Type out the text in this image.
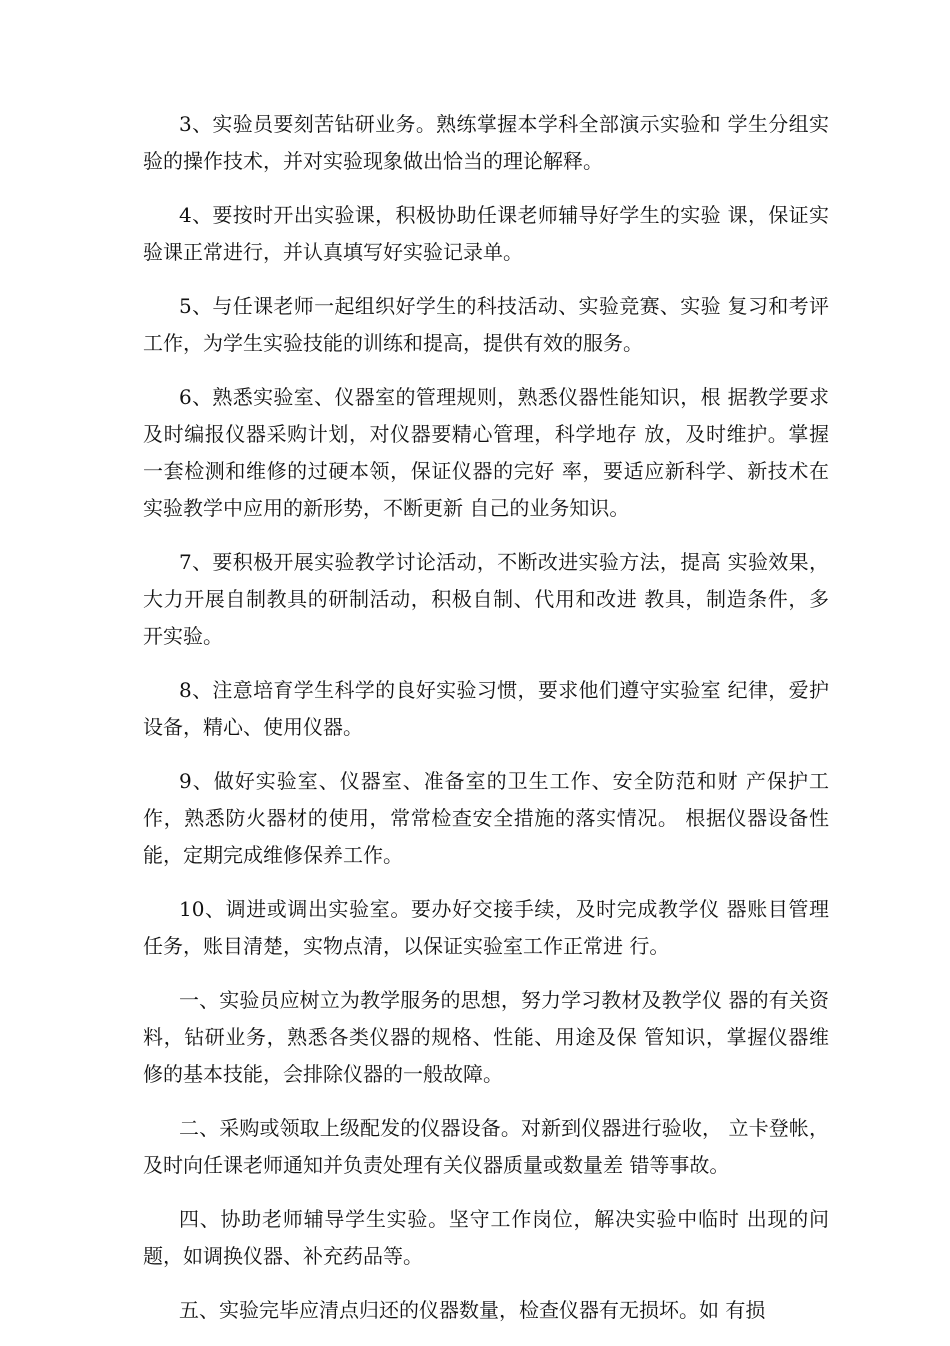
3、实验员要刻苦钻研业务。熟练掌握本学科全部演示实验和 学生分组实验的操作技术，并对实验现象做出恰当的理论解释。

4、要按时开出实验课，积极协助任课老师辅导好学生的实验 课，保证实验课正常进行，并认真填写好实验记录单。

5、与任课老师一起组织好学生的科技活动、实验竞赛、实验 复习和考评工作，为学生实验技能的训练和提高，提供有效的服务。

6、熟悉实验室、仪器室的管理规则，熟悉仪器性能知识，根 据教学要求及时编报仪器采购计划，对仪器要精心管理，科学地存 放，及时维护。掌握一套检测和维修的过硬本领，保证仪器的完好 率，要适应新科学、新技术在实验教学中应用的新形势，不断更新 自己的业务知识。

7、要积极开展实验教学讨论活动，不断改进实验方法，提高 实验效果，大力开展自制教具的研制活动，积极自制、代用和改进 教具，制造条件，多开实验。

8、注意培育学生科学的良好实验习惯，要求他们遵守实验室 纪律，爱护设备，精心、使用仪器。

9、做好实验室、仪器室、准备室的卫生工作、安全防范和财 产保护工作，熟悉防火器材的使用，常常检查安全措施的落实情况。 根据仪器设备性能，定期完成维修保养工作。

10、调进或调出实验室。要办好交接手续，及时完成教学仪 器账目管理任务，账目清楚，实物点清，以保证实验室工作正常进 行。

一、实验员应树立为教学服务的思想，努力学习教材及教学仪 器的有关资料，钻研业务，熟悉各类仪器的规格、性能、用途及保 管知识，掌握仪器维修的基本技能，会排除仪器的一般故障。

二、采购或领取上级配发的仪器设备。对新到仪器进行验收， 立卡登帐，及时向任课老师通知并负责处理有关仪器质量或数量差 错等事故。

四、协助老师辅导学生实验。坚守工作岗位，解决实验中临时 出现的问题，如调换仪器、补充药品等。

五、实验完毕应清点归还的仪器数量，检查仪器有无损坏。如 有损
